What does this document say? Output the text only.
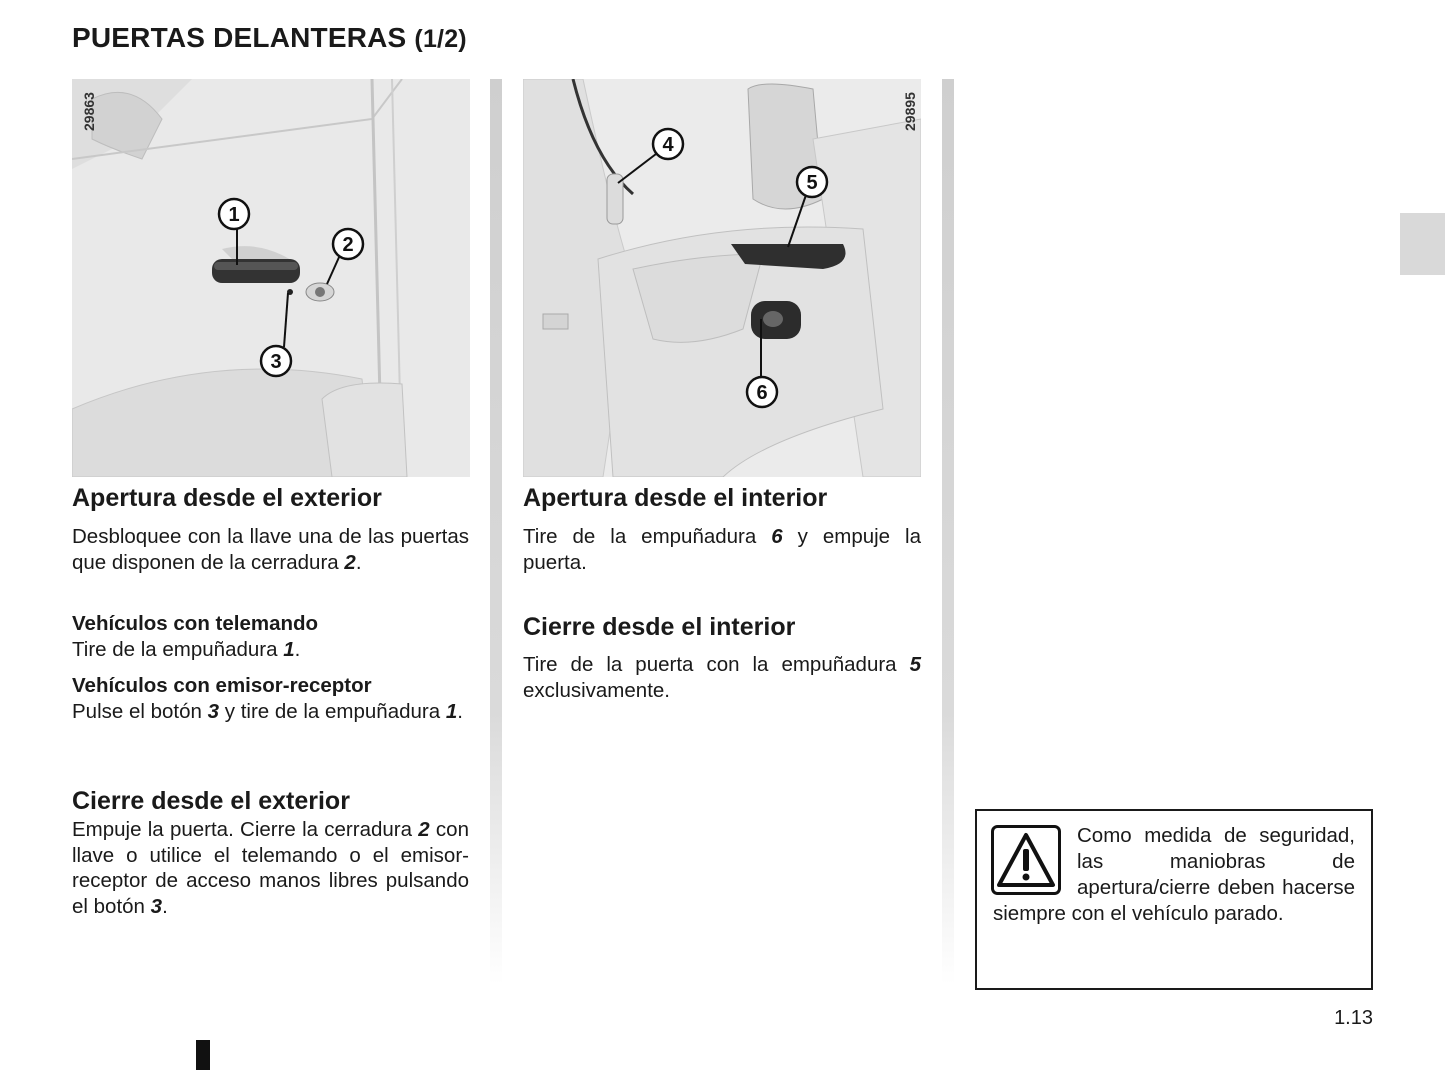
PUERTAS DELANTERAS (1/2)
1
2
3
29863
4
5
6
29895
Apertura desde el exterior
Desbloquee con la llave una de las puertas que disponen de la cerradura 2.
Vehículos con telemando
Tire de la empuñadura 1.
Vehículos con emisor-receptor
Pulse el botón 3 y tire de la empuñadura 1.
Cierre desde el exterior
Empuje la puerta. Cierre la cerradura 2 con llave o utilice el telemando o el emisor-receptor de acceso manos libres pulsando el botón 3.
Apertura desde el interior
Tire de la empuñadura 6 y empuje la puerta.
Cierre desde el interior
Tire de la puerta con la empuñadura 5 exclusivamente.
Como medida de seguridad, las maniobras de apertura/cierre deben hacerse siempre con el vehículo parado.
1.13
